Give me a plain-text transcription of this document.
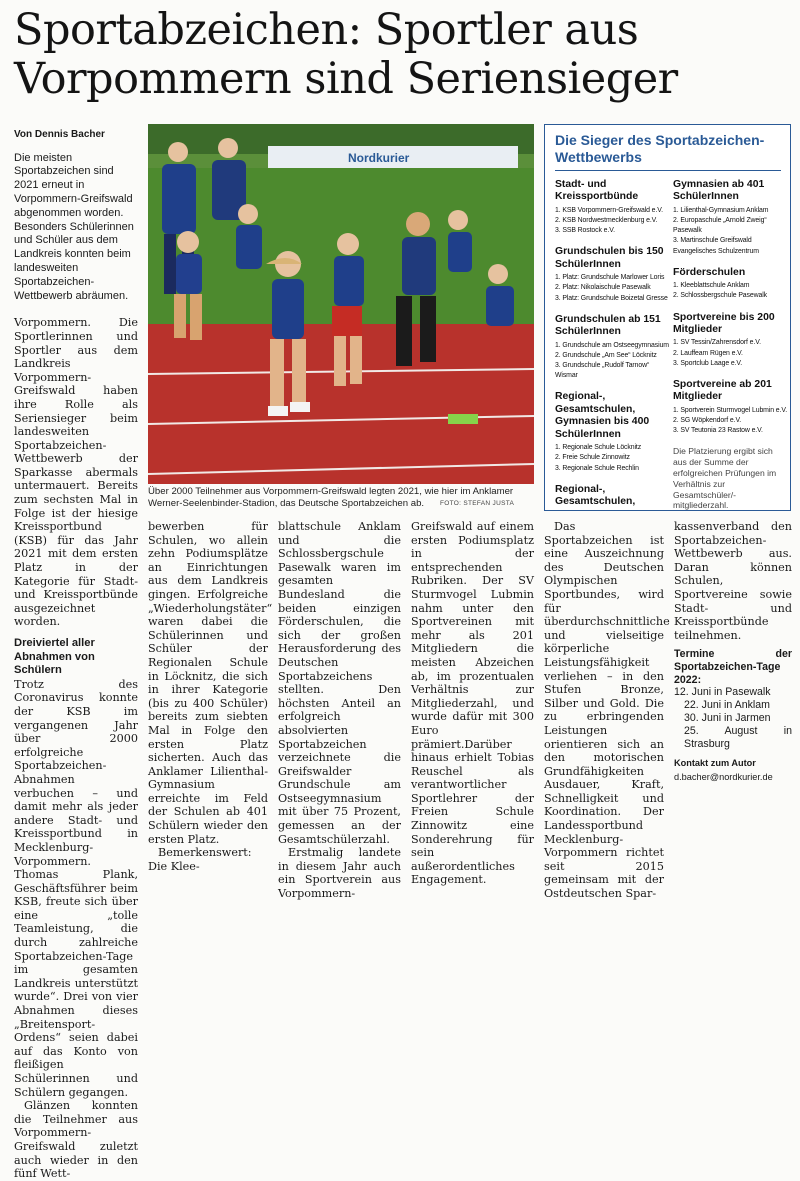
Sportabzeichen: Sportler aus Vorpommern sind Seriensieger
Von Dennis Bacher
Die meisten Sportabzeichen sind 2021 erneut in Vorpommern-Greifswald abgenommen worden. Besonders Schülerinnen und Schüler aus dem Landkreis konnten beim landesweiten Sportabzeichen-Wettbewerb abräumen.

Vorpommern. Die Sportlerinnen und Sportler aus dem Landkreis Vorpommern-Greifswald haben ihre Rolle als Seriensieger beim landesweiten Sportabzeichen-Wettbewerb der Sparkasse abermals untermauert. Bereits zum sechsten Mal in Folge ist der hiesige Kreissportbund (KSB) für das Jahr 2021 mit dem ersten Platz in der Kategorie für Stadt- und Kreissportbünde ausgezeichnet worden.

Dreiviertel aller Abnahmen von Schülern

Trotz des Coronavirus konnte der KSB im vergangenen Jahr über 2000 erfolgreiche Sportabzeichen-Abnahmen verbuchen – und damit mehr als jeder andere Stadt- und Kreissportbund in Mecklenburg-Vorpommern. Thomas Plank, Geschäftsführer beim KSB, freute sich über eine „tolle Teamleistung, die durch zahlreiche Sportabzeichen-Tage im gesamten Landkreis unterstützt wurde“. Drei von vier Abnahmen dieses „Breitensport-Ordens“ seien dabei auf das Konto von fleißigen Schülerinnen und Schülern gegangen.

Glänzen konnten die Teilnehmer aus Vorpommern-Greifswald zuletzt auch wieder in den fünf Wett-

Nordkurier
Über 2000 Teilnehmer aus Vorpommern-Greifswald legten 2021, wie hier im Anklamer Werner-Seelenbinder-Stadion, das Deutsche Sportabzeichen ab.	FOTO: STEFAN JUSTA
Die Sieger des Sportabzeichen-Wettbewerbs
Stadt- und Kreissportbünde
1. KSB Vorpommern-Greifswald e.V.
2. KSB Nordwestmecklenburg e.V.
3. SSB Rostock e.V.
Grundschulen bis 150 SchülerInnen
1. Platz: Grundschule Marlower Loris
2. Platz: Nikolaischule Pasewalk
3. Platz: Grundschule Boizetal Gresse
Grundschulen ab 151 SchülerInnen
1. Grundschule am Ostseegymnasium
2. Grundschule „Am See“ Löcknitz
3. Grundschule „Rudolf Tarnow“ Wismar
Regional-, Gesamtschulen, Gymnasien bis 400 SchülerInnen
1. Regionale Schule Löcknitz
2. Freie Schule Zinnowitz
3. Regionale Schule Rechlin
Regional-, Gesamtschulen,
Gymnasien ab 401 SchülerInnen
1. Lilienthal-Gymnasium Anklam
2. Europaschule „Arnold Zweig“ Pasewalk
3. Martinschule Greifswald Evangelisches Schulzentrum
Förderschulen
1. Kleeblattschule Anklam
2. Schlossbergschule Pasewalk
Sportvereine bis 200 Mitglieder
1. SV Tessin/Zahrensdorf e.V.
2. Lauffeam Rügen e.V.
3. Sportclub Laage e.V.
Sportvereine ab 201 Mitglieder
1. Sportverein Sturmvogel Lubmin e.V.
2. SG Wöpkendorf e.V.
3. SV Teutonia 23 Rastow e.V.
Die Platzierung ergibt sich aus der Summe der erfolgreichen Prüfungen im Verhältnis zur Gesamtschüler/-mitgliederzahl.

bewerben für Schulen, wo allein zehn Podiumsplätze an Einrichtungen aus dem Landkreis gingen. Erfolgreiche „Wiederholungstäter“ waren dabei die Schülerinnen und Schüler der Regionalen Schule in Löcknitz, die sich in ihrer Kategorie (bis zu 400 Schüler) bereits zum siebten Mal in Folge den ersten Platz sicherten. Auch das Anklamer Lilienthal-Gymnasium erreichte im Feld der Schulen ab 401 Schülern wieder den ersten Platz.

Bemerkenswert: Die Klee-

blattschule Anklam und die Schlossbergschule Pasewalk waren im gesamten Bundesland die beiden einzigen Förderschulen, die sich der großen Herausforderung des Deutschen Sportabzeichens stellten. Den höchsten Anteil an erfolgreich absolvierten Sportabzeichen verzeichnete die Greifswalder Grundschule am Ostseegymnasium mit über 75 Prozent, gemessen an der Gesamtschülerzahl.

Erstmalig landete in diesem Jahr auch ein Sportverein aus Vorpommern-

Greifswald auf einem ersten Podiumsplatz in der entsprechenden Rubriken. Der SV Sturmvogel Lubmin nahm unter den Sportvereinen mit mehr als 201 Mitgliedern die meisten Abzeichen ab, im prozentualen Verhältnis zur Mitgliederzahl, und wurde dafür mit 300 Euro prämiert.Darüber hinaus erhielt Tobias Reuschel als verantwortlicher Sportlehrer der Freien Schule Zinnowitz eine Sonderehrung für sein außerordentliches Engagement.

Das Sportabzeichen ist eine Auszeichnung des Deutschen Olympischen Sportbundes, wird für überdurchschnittliche und vielseitige körperliche Leistungsfähigkeit verliehen – in den Stufen Bronze, Silber und Gold. Die zu erbringenden Leistungen orientieren sich an den motorischen Grundfähigkeiten Ausdauer, Kraft, Schnelligkeit und Koordination. Der Landessportbund Mecklenburg-Vorpommern richtet seit 2015 gemeinsam mit der Ostdeutschen Spar-

kassenverband den Sportabzeichen-Wettbewerb aus. Daran können Schulen, Sportvereine sowie Stadt- und Kreissportbünde teilnehmen.

Termine der Sportabzeichen-Tage 2022:
12. Juni in Pasewalk
22. Juni in Anklam
30. Juni in Jarmen
25. August in Strasburg
Kontakt zum Autor
d.bacher@nordkurier.de
